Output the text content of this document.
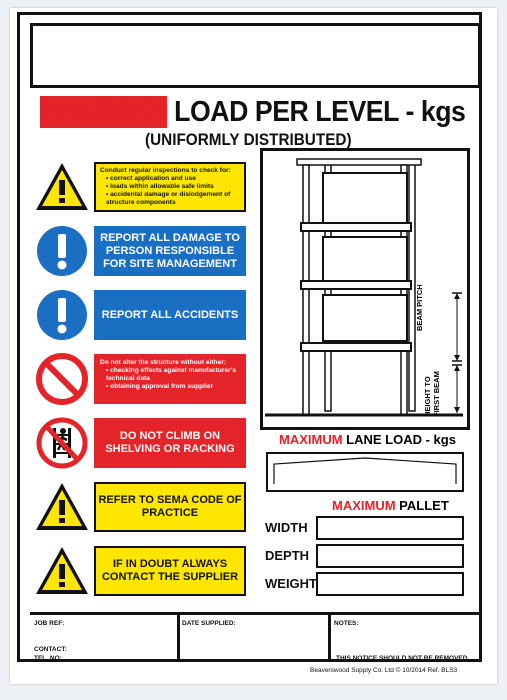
MAXIMUM LOAD PER LEVEL - kgs
(UNIFORMLY DISTRIBUTED)
Conduct regular inspections to check for:
• correct application and use
• loads within allowable safe limits
• accidental damage or dislodgement of structure components
REPORT ALL DAMAGE TO PERSON RESPONSIBLE FOR SITE MANAGEMENT
REPORT ALL ACCIDENTS
Do not alter the structure without either:
• checking effects against manufacturer's technical data
• obtaining approval from supplier
DO NOT CLIMB ON SHELVING OR RACKING
REFER TO SEMA CODE OF PRACTICE
IF IN DOUBT ALWAYS CONTACT THE SUPPLIER
BEAM PITCH
HEIGHT TO FIRST BEAM
MAXIMUM LANE LOAD - kgs
MAXIMUM PALLET
WIDTH
DEPTH
WEIGHT
JOB REF:
CONTACT:
TEL. NO:
DATE SUPPLIED:	NOTES:
THIS NOTICE SHOULD NOT BE REMOVED
Beaverswood Supply Co. Ltd © 10/2014 Ref. BLS3
